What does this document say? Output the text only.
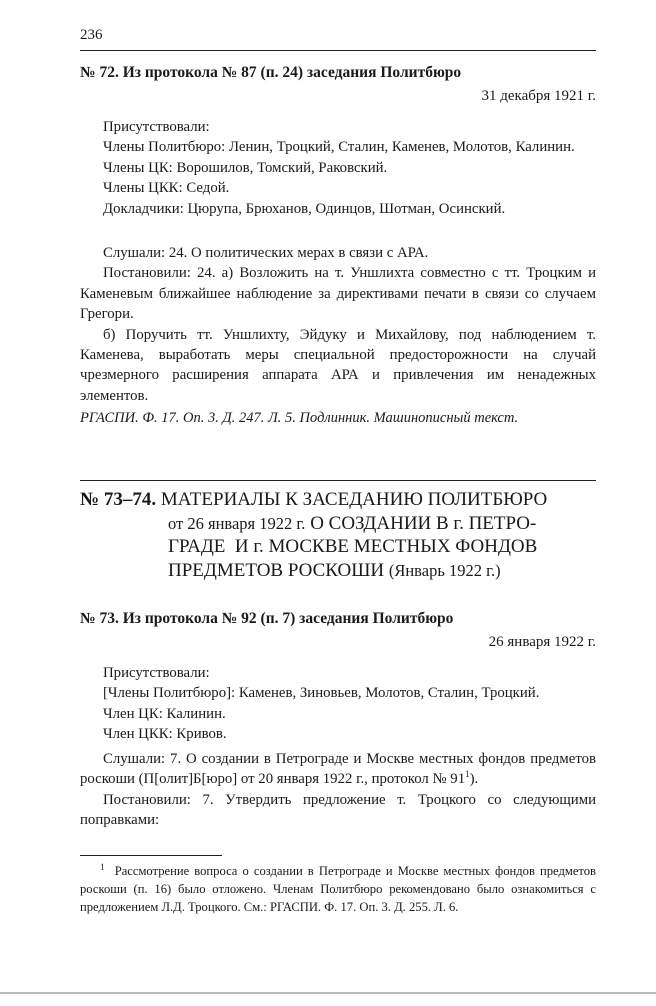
236
№ 72. Из протокола № 87 (п. 24) заседания Политбюро
31 декабря 1921 г.

Присутствовали:

Члены Политбюро: Ленин, Троцкий, Сталин, Каменев, Молотов, Калинин.

Члены ЦК: Ворошилов, Томский, Раковский.

Члены ЦКК: Седой.

Докладчики: Цюрупа, Брюханов, Одинцов, Шотман, Осинский.

Слушали: 24. О политических мерах в связи с АРА.

Постановили: 24. а) Возложить на т. Уншлихта совместно с тт. Троцким и Каменевым ближайшее наблюдение за директивами печати в связи со случаем Грегори.

б) Поручить тт. Уншлихту, Эйдуку и Михайлову, под наблюдением т. Каменева, выработать меры специальной предосторожности на случай чрезмерного расширения аппарата АРА и привлечения им ненадежных элементов.

РГАСПИ. Ф. 17. Оп. 3. Д. 247. Л. 5. Подлинник. Машинописный текст.
№ 73–74. МАТЕРИАЛЫ К ЗАСЕДАНИЮ ПОЛИТБЮРО
от 26 января 1922 г. О СОЗДАНИИ В г. ПЕТРО-
ГРАДЕ  И г. МОСКВЕ МЕСТНЫХ ФОНДОВ
ПРЕДМЕТОВ РОСКОШИ (Январь 1922 г.)
№ 73. Из протокола № 92 (п. 7) заседания Политбюро
26 января 1922 г.

Присутствовали:

[Члены Политбюро]: Каменев, Зиновьев, Молотов, Сталин, Троцкий.

Член ЦК: Калинин.

Член ЦКК: Кривов.

Слушали: 7. О создании в Петрограде и Москве местных фондов предметов роскоши (П[олит]Б[юро] от 20 января 1922 г., протокол № $91^1$).

Постановили: 7. Утвердить предложение т. Троцкого со следующими поправками:

$^1$ Рассмотрение вопроса о создании в Петрограде и Москве местных фондов предметов роскоши (п. 16) было отложено. Членам Политбюро рекомендовано было ознакомиться с предложением Л.Д. Троцкого. См.: РГАСПИ. Ф. 17. Оп. 3. Д. 255. Л. 6.
